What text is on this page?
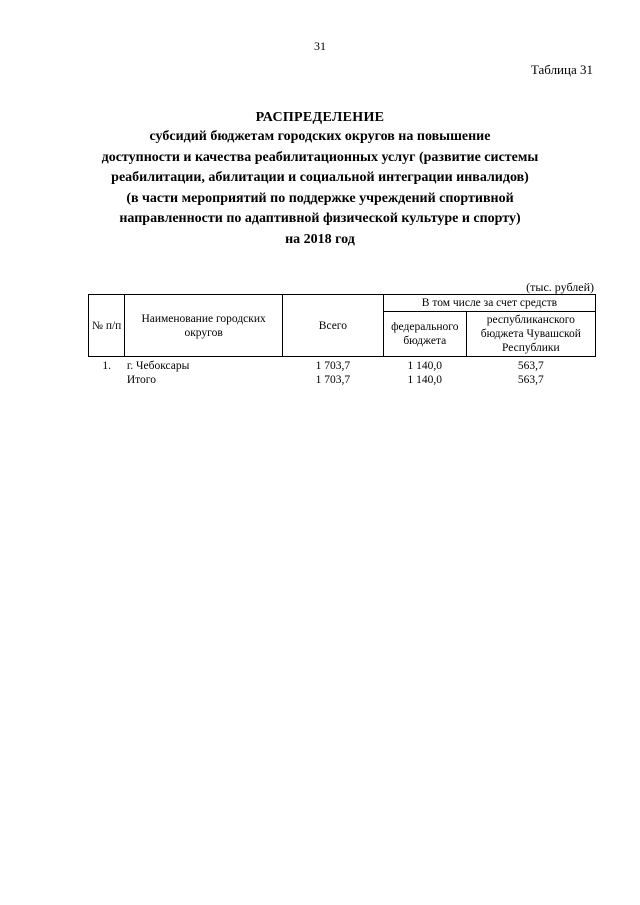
31
Таблица 31
РАСПРЕДЕЛЕНИЕ
субсидий бюджетам городских округов на повышение
доступности и качества реабилитационных услуг (развитие системы
реабилитации, абилитации и социальной интеграции инвалидов)
(в части мероприятий по поддержке учреждений спортивной
направленности по адаптивной физической культуре и спорту)
на 2018 год
(тыс. рублей)
№ п/п	Наименование городских округов	Всего	В том числе за счет средств	
			федерального бюджета	республиканского бюджета Чувашской Республики
1.	г. Чебоксары	1 703,7	1 140,0	563,7
	Итого	1 703,7	1 140,0	563,7
